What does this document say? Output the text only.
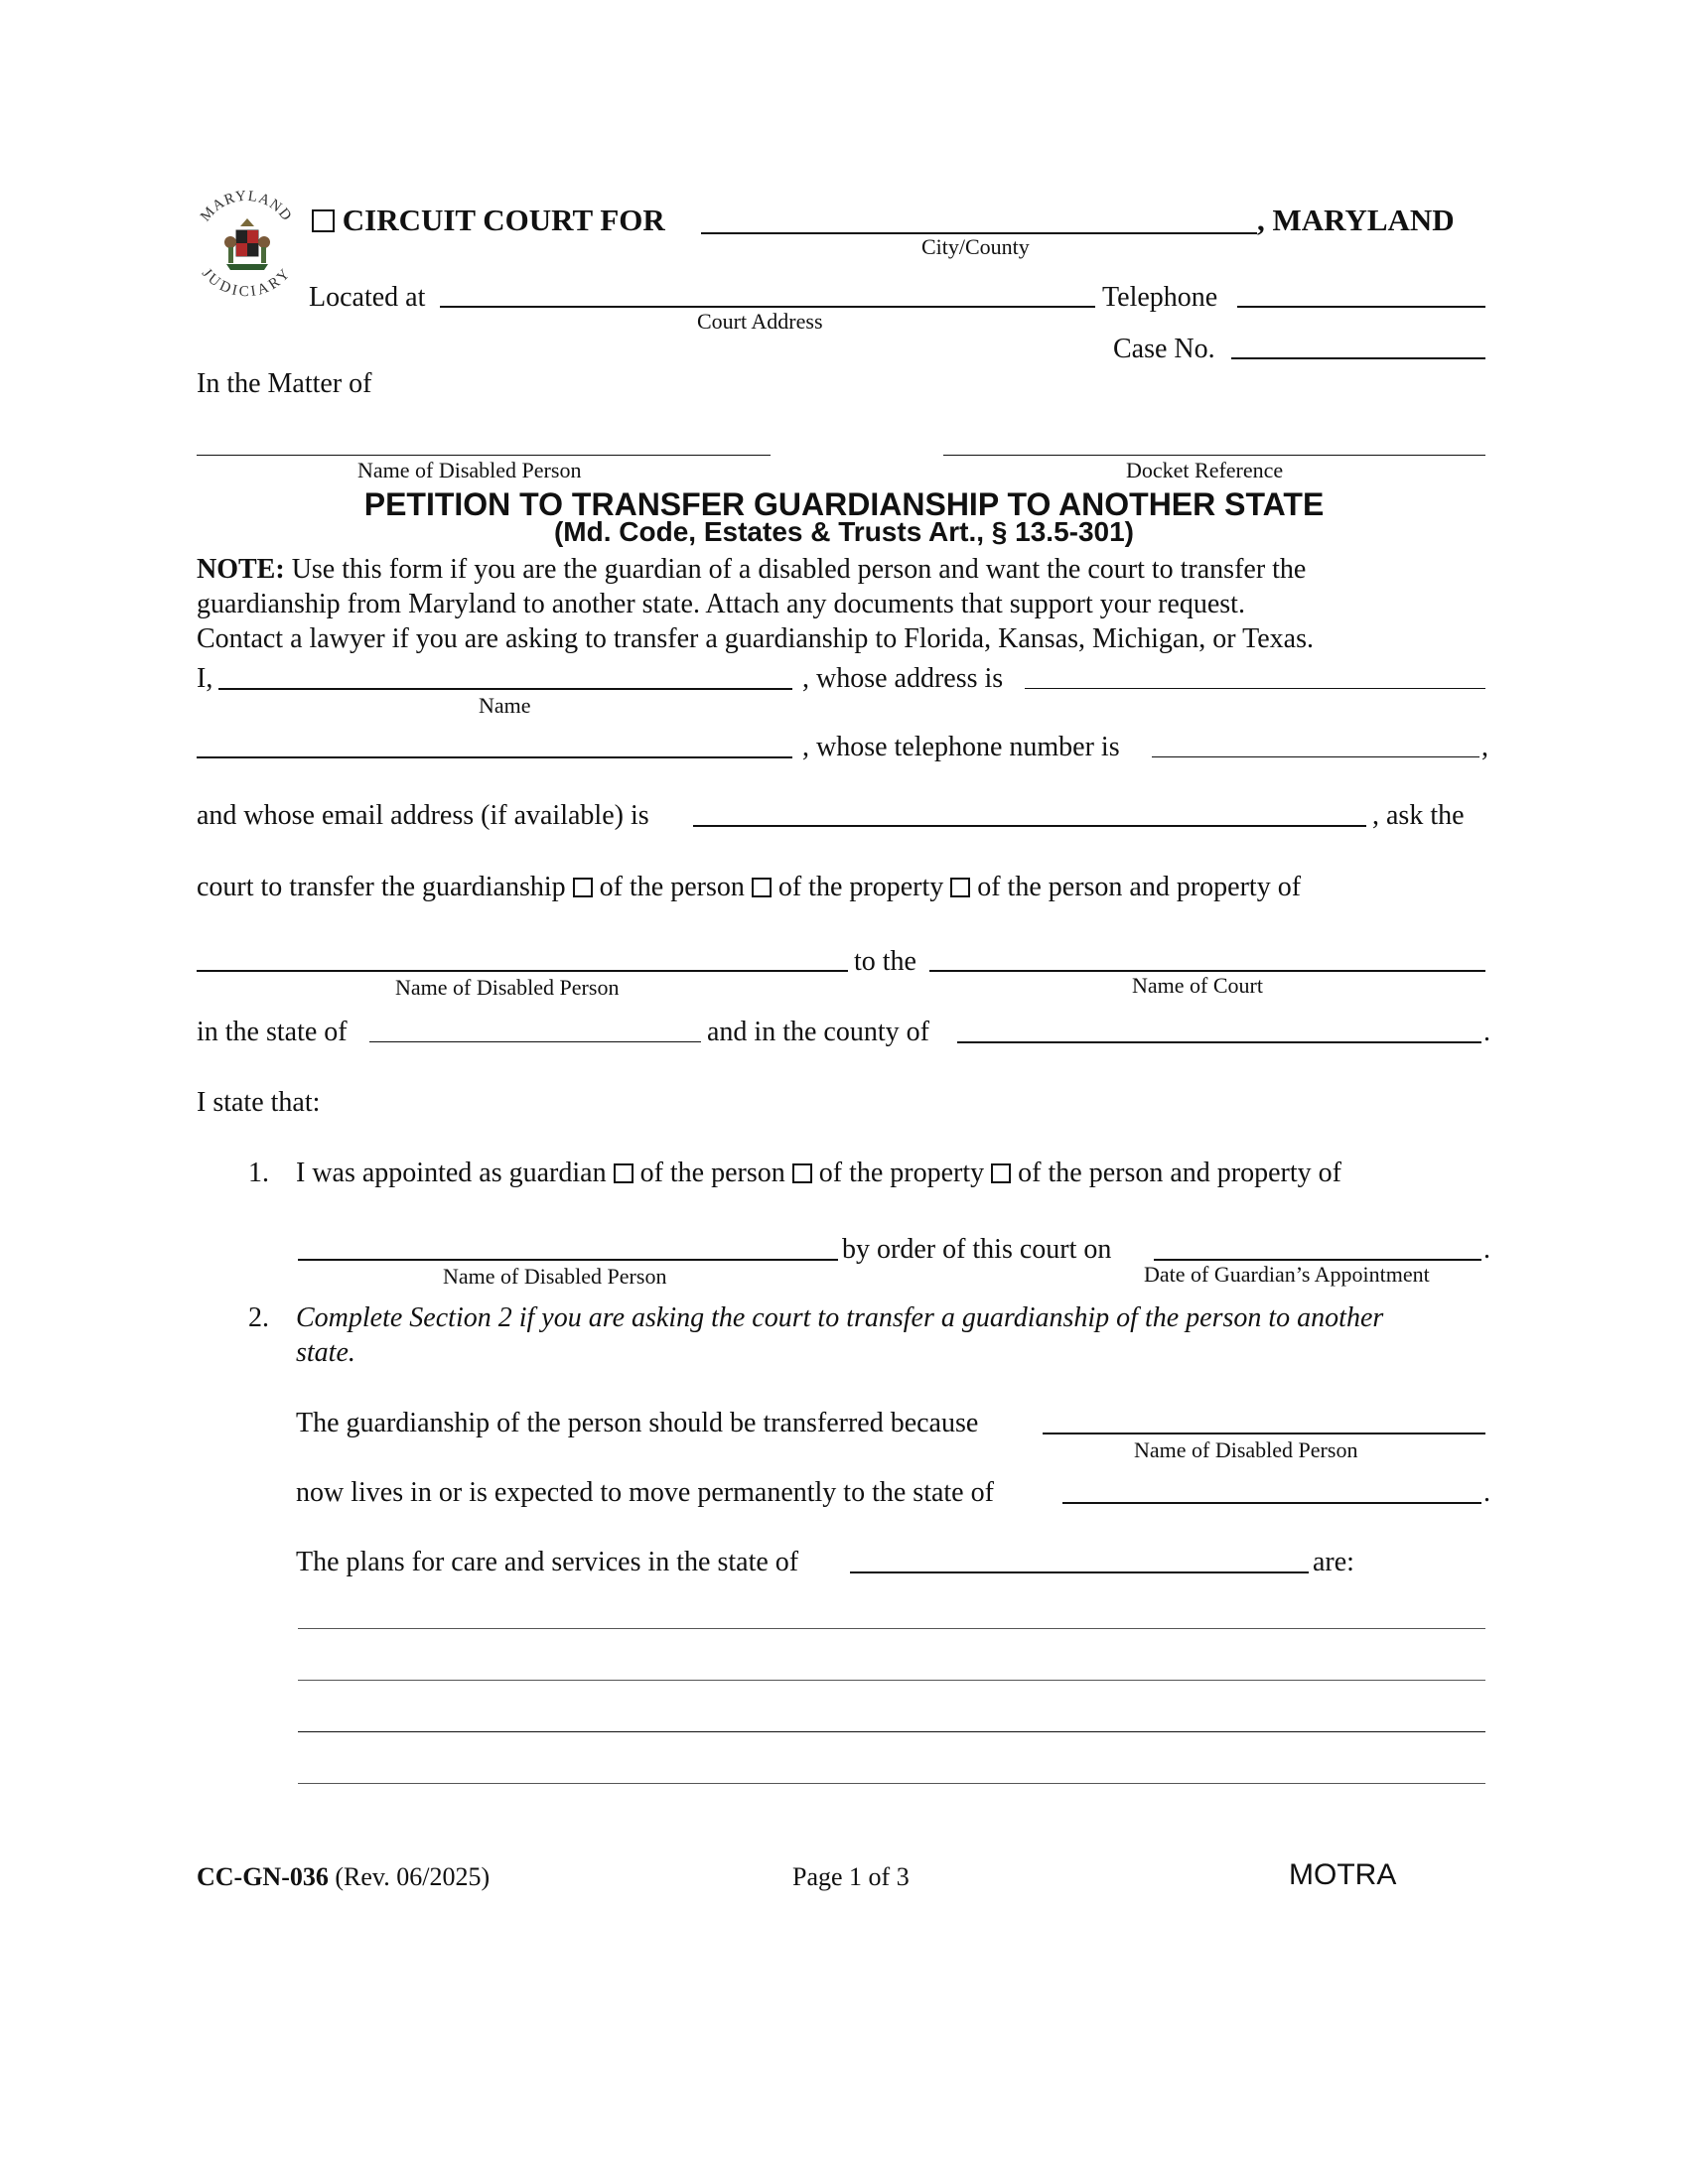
MARYLAND
JUDICIARY
CIRCUIT COURT FOR	, MARYLAND
City/County
Located at
Court Address
Telephone
Case No.
In the Matter of
Name of Disabled Person	Docket Reference
PETITION TO TRANSFER GUARDIANSHIP TO ANOTHER STATE
(Md. Code, Estates & Trusts Art., § 13.5-301)
NOTE: Use this form if you are the guardian of a disabled person and want the court to transfer the
guardianship from Maryland to another state. Attach any documents that support your request.
Contact a lawyer if you are asking to transfer a guardianship to Florida, Kansas, Michigan, or Texas.
I,	, whose address is
Name
, whose telephone number is	,
and whose email address (if available) is	, ask the
court to transfer the guardianship of the person of the property of the person and property of
to the
Name of Disabled Person	Name of Court
in the state of	and in the county of	.
I state that:
1. I was appointed as guardian of the person of the property of the person and property of
by order of this court on	.
Name of Disabled Person	Date of Guardian’s Appointment
2. Complete Section 2 if you are asking the court to transfer a guardianship of the person to another
state.
The guardianship of the person should be transferred because
Name of Disabled Person
now lives in or is expected to move permanently to the state of	.
The plans for care and services in the state of	are:
CC-GN-036 (Rev. 06/2025)	Page 1 of 3	MOTRA
